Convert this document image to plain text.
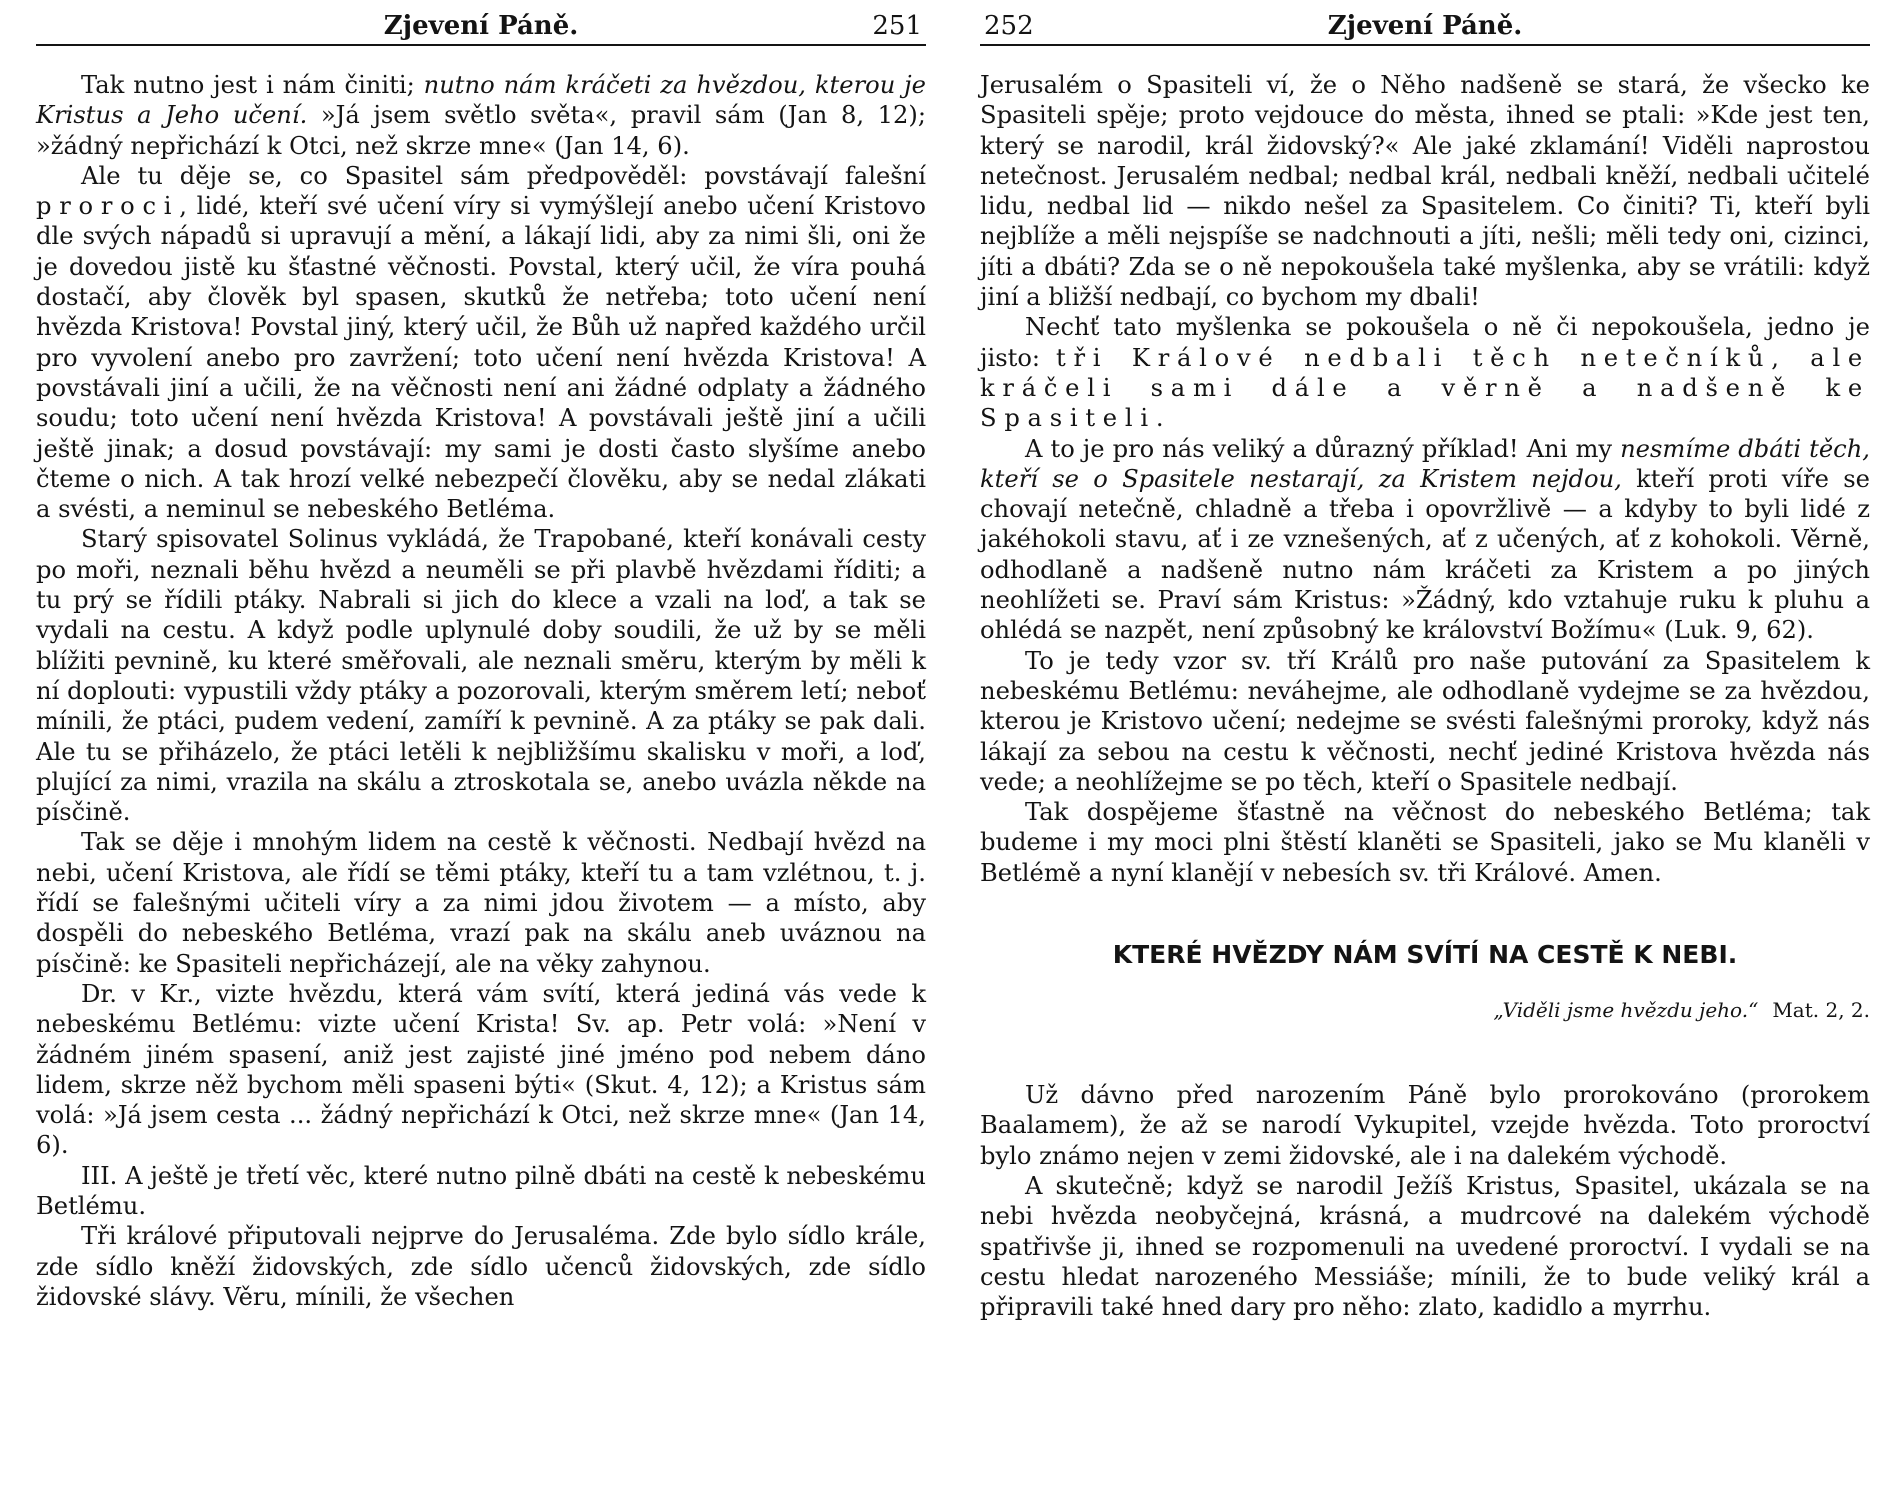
Zjevení Páně.	251

Tak nutno jest i nám činiti; nutno nám kráčeti za hvězdou, kterou je Kristus a Jeho učení. »Já jsem světlo světa«, pravil sám (Jan 8, 12); »žádný nepřichází k Otci, než skrze mne« (Jan 14, 6).

Ale tu děje se, co Spasitel sám předpověděl: povstávají falešní proroci, lidé, kteří své učení víry si vymýšlejí anebo učení Kristovo dle svých nápadů si upravují a mění, a lákají lidi, aby za nimi šli, oni že je dovedou jistě ku šťastné věčnosti. Povstal, který učil, že víra pouhá dostačí, aby člověk byl spasen, skutků že netřeba; toto učení není hvězda Kristova! Povstal jiný, který učil, že Bůh už napřed každého určil pro vyvolení anebo pro zavržení; toto učení není hvězda Kristova! A povstávali jiní a učili, že na věčnosti není ani žádné odplaty a žádného soudu; toto učení není hvězda Kristova! A povstávali ještě jiní a učili ještě jinak; a dosud povstávají: my sami je dosti často slyšíme anebo čteme o nich. A tak hrozí velké nebezpečí člověku, aby se nedal zlákati a svésti, a neminul se nebeského Betléma.

Starý spisovatel Solinus vykládá, že Trapobané, kteří konávali cesty po moři, neznali běhu hvězd a neuměli se při plavbě hvězdami říditi; a tu prý se řídili ptáky. Nabrali si jich do klece a vzali na loď, a tak se vydali na cestu. A když podle uplynulé doby soudili, že už by se měli blížiti pevnině, ku které směřovali, ale neznali směru, kterým by měli k ní doplouti: vypustili vždy ptáky a pozorovali, kterým směrem letí; neboť mínili, že ptáci, pudem vedení, zamíří k pevnině. A za ptáky se pak dali. Ale tu se přiházelo, že ptáci letěli k nejbližšímu skalisku v moři, a loď, plující za nimi, vrazila na skálu a ztroskotala se, anebo uvázla někde na písčině.

Tak se děje i mnohým lidem na cestě k věčnosti. Nedbají hvězd na nebi, učení Kristova, ale řídí se těmi ptáky, kteří tu a tam vzlétnou, t. j. řídí se falešnými učiteli víry a za nimi jdou životem — a místo, aby dospěli do nebeského Betléma, vrazí pak na skálu aneb uváznou na písčině: ke Spasiteli nepřicházejí, ale na věky zahynou.

Dr. v Kr., vizte hvězdu, která vám svítí, která jediná vás vede k nebeskému Betlému: vizte učení Krista! Sv. ap. Petr volá: »Není v žádném jiném spasení, aniž jest zajisté jiné jméno pod nebem dáno lidem, skrze něž bychom měli spaseni býti« (Skut. 4, 12); a Kristus sám volá: »Já jsem cesta ... žádný nepřichází k Otci, než skrze mne« (Jan 14, 6).

III. A ještě je třetí věc, které nutno pilně dbáti na cestě k nebeskému Betlému.

Tři králové připutovali nejprve do Jerusaléma. Zde bylo sídlo krále, zde sídlo kněží židovských, zde sídlo učenců židovských, zde sídlo židovské slávy. Věru, mínili, že všechen

252	Zjevení Páně.

Jerusalém o Spasiteli ví, že o Něho nadšeně se stará, že všecko ke Spasiteli spěje; proto vejdouce do města, ihned se ptali: »Kde jest ten, který se narodil, král židovský?« Ale jaké zklamání! Viděli naprostou netečnost. Jerusalém nedbal; nedbal král, nedbali kněží, nedbali učitelé lidu, nedbal lid — nikdo nešel za Spasitelem. Co činiti? Ti, kteří byli nejblíže a měli nejspíše se nadchnouti a jíti, nešli; měli tedy oni, cizinci, jíti a dbáti? Zda se o ně nepokoušela také myšlenka, aby se vrátili: když jiní a bližší nedbají, co bychom my dbali!

Nechť tato myšlenka se pokoušela o ně či nepokoušela, jedno je jisto: tři Králové nedbali těch netečníků, ale kráčeli sami dále a věrně a nadšeně ke Spasiteli.

A to je pro nás veliký a důrazný příklad! Ani my nesmíme dbáti těch, kteří se o Spasitele nestarají, za Kristem nejdou, kteří proti víře se chovají netečně, chladně a třeba i opovržlivě — a kdyby to byli lidé z jakéhokoli stavu, ať i ze vznešených, ať z učených, ať z kohokoli. Věrně, odhodlaně a nadšeně nutno nám kráčeti za Kristem a po jiných neohlížeti se. Praví sám Kristus: »Žádný, kdo vztahuje ruku k pluhu a ohlédá se nazpět, není způsobný ke království Božímu« (Luk. 9, 62).

To je tedy vzor sv. tří Králů pro naše putování za Spasitelem k nebeskému Betlému: neváhejme, ale odhodlaně vydejme se za hvězdou, kterou je Kristovo učení; nedejme se svésti falešnými proroky, když nás lákají za sebou na cestu k věčnosti, nechť jediné Kristova hvězda nás vede; a neohlížejme se po těch, kteří o Spasitele nedbají.

Tak dospějeme šťastně na věčnost do nebeského Betléma; tak budeme i my moci plni štěstí klaněti se Spasiteli, jako se Mu klaněli v Betlémě a nyní klanějí v nebesích sv. tři Králové. Amen.

KTERÉ HVĚZDY NÁM SVÍTÍ NA CESTĚ K NEBI.
„Viděli jsme hvězdu jeho.“ Mat. 2, 2.

Už dávno před narozením Páně bylo prorokováno (prorokem Baalamem), že až se narodí Vykupitel, vzejde hvězda. Toto proroctví bylo známo nejen v zemi židovské, ale i na dalekém východě.

A skutečně; když se narodil Ježíš Kristus, Spasitel, ukázala se na nebi hvězda neobyčejná, krásná, a mudrcové na dalekém východě spatřivše ji, ihned se rozpomenuli na uvedené proroctví. I vydali se na cestu hledat narozeného Messiáše; mínili, že to bude veliký král a připravili také hned dary pro něho: zlato, kadidlo a myrrhu.
